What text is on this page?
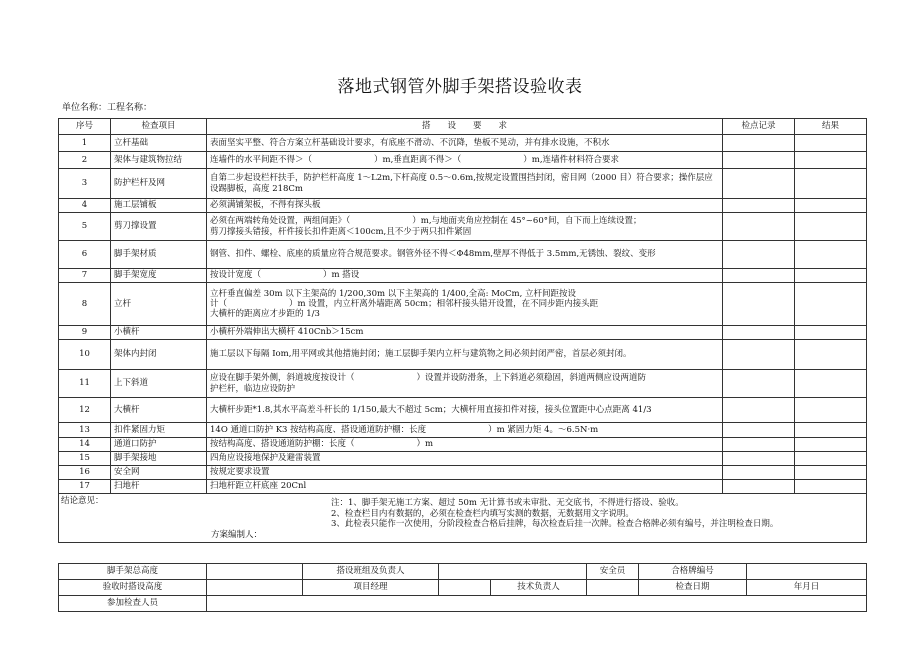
落地式钢管外脚手架搭设验收表
单位名称：工程名称：
序号	检查项目	搭　　设　　要　　求	检点记录	结果
1	立杆基础	表面坚实平整、符合方案立杆基础设计要求，有底座不滑动、不沉降，垫板不晃动，并有排水设施，不积水		
2	架体与建筑物拉结	连墙件的水平间距不得＞（ ）m,垂直距离不得＞（ ）m,连墙件材料符合要求		
3	防护栏杆及网	自第二步起设栏杆扶手，防护栏杆高度 1～L2m,下杆高度 0.5～0.6m,按规定设置围挡封闭，密目网（2000 目）符合要求；操作层应设踢脚板，高度 218Cm		
4	施工层铺板	必须满铺架板，不得有探头板		
5	剪刀撑设置	必须在两端转角处设置，两组间距》（ ）m,与地面夹角应控制在 45°~60°间，自下而上连续设置；
剪刀撑接头错接，杆件接长扣件距离＜100cm,且不少于两只扣件紧固		
6	脚手架材质	钢管、扣件、螺栓、底座的质量应符合规范要求。钢管外径不得＜Φ48mm,壁厚不得低于 3.5mm,无锈蚀、裂纹、变形		
7	脚手架宽度	按设计宽度（ ）m 搭设		
8	立杆	立杆垂直偏差 30m 以下主架高的 1/200,30m 以下主架高的 1/400,全高: MoCm, 立杆间距按设
计（ ）m 设置，内立杆离外墙距离 50cm；相邻杆接头错开设置，在不同步距内接头距
大横杆的距离应才步距的 1/3		
9	小横杆	小横杆外端伸出大横杆 410Cnb＞15cm		
10	架体内封闭	施工层以下每隔 Iom,用平网或其他措施封闭；施工层脚手架内立杆与建筑物之间必须封闭严密，首层必须封闭。		
11	上下斜道	应设在脚手架外侧，斜道坡度按设计（ ）设置并设防滑条，上下斜道必须稳固，斜道两侧应设两道防
护栏杆，临边应设防护		
12	大横杆	大横杆步距*1.8,其水平高差斗杆长的 1/150,最大不超过 5cm；大横杆用直接扣件对接，接头位置距中心点距离 41/3		
13	扣件紧固力矩	14O 通道口防护 K3 按结构高度、搭设通道防护棚：长度 ）m 紧固力矩 4。～6.5N·m		
14	通道口防护	按结构高度、搭设通道防护棚：长度（ ）m		
15	脚手架接地	四角应设接地保护及避雷装置		
16	安全网	按规定要求设置		
17	扫地杆	扫地杆距立杆底座 20Cnl		

结论意见：
方案编制人：
注：1、脚手架无施工方案、超过 50m 无计算书或未审批、无交底书，不得进行搭设、验收。
2、检查栏目内有数据的，必须在检查栏内填写实测的数据，无数据用文字说明。
3、此检表只能作一次使用，分阶段检查合格后挂牌，每次检查后挂一次牌。检查合格牌必须有编号，并注明检查日期。				
脚手架总高度		搭设班组及负责人			安全员	合格牌编号	
验收时搭设高度		项目经理		技术负责人		检查日期	年月日
参加检查人员							
